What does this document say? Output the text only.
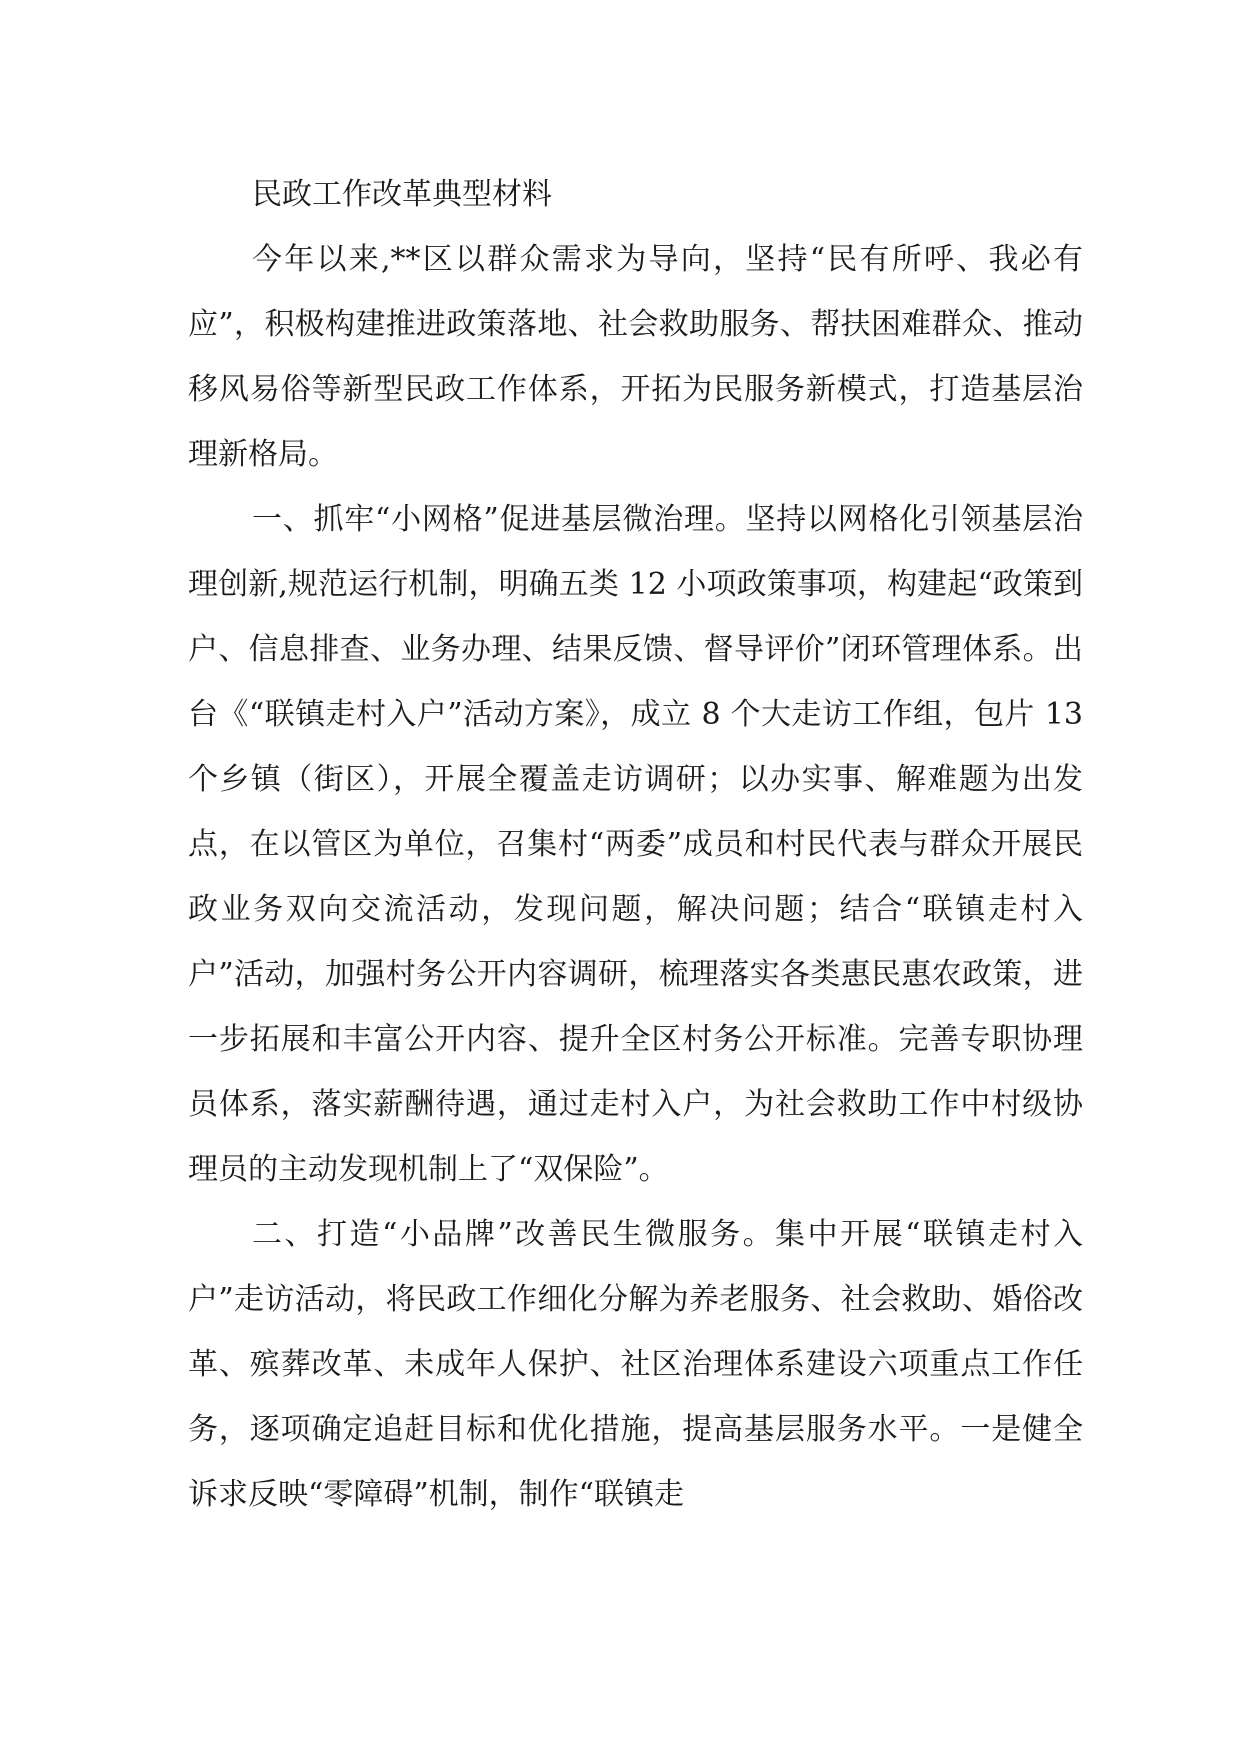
民政工作改革典型材料

今年以来,**区以群众需求为导向，坚持“民有所呼、我必有应”，积极构建推进政策落地、社会救助服务、帮扶困难群众、推动移风易俗等新型民政工作体系，开拓为民服务新模式，打造基层治理新格局。

一、抓牢“小网格”促进基层微治理。坚持以网格化引领基层治理创新,规范运行机制，明确五类 12 小项政策事项，构建起“政策到户、信息排查、业务办理、结果反馈、督导评价”闭环管理体系。出台《“联镇走村入户”活动方案》，成立 8 个大走访工作组，包片 13 个乡镇（街区），开展全覆盖走访调研；以办实事、解难题为出发点，在以管区为单位，召集村“两委”成员和村民代表与群众开展民政业务双向交流活动，发现问题，解决问题；结合“联镇走村入户”活动，加强村务公开内容调研，梳理落实各类惠民惠农政策，进一步拓展和丰富公开内容、提升全区村务公开标准。完善专职协理员体系，落实薪酬待遇，通过走村入户，为社会救助工作中村级协理员的主动发现机制上了“双保险”。

二、打造“小品牌”改善民生微服务。集中开展“联镇走村入户”走访活动，将民政工作细化分解为养老服务、社会救助、婚俗改革、殡葬改革、未成年人保护、社区治理体系建设六项重点工作任务，逐项确定追赶目标和优化措施，提高基层服务水平。一是健全诉求反映“零障碍”机制，制作“联镇走
